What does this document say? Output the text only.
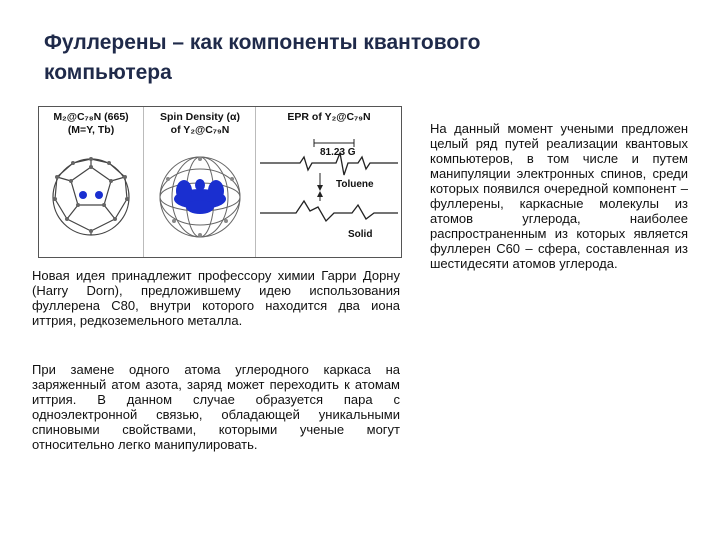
Фуллерены – как компоненты квантового компьютера
M₂@C₇₈N (665)
(M=Y, Tb)
Spin Density (α)
of Y₂@C₇₉N
EPR of Y₂@C₇₉N
81.23 G
Toluene
Solid
Новая идея принадлежит профессору химии Гарри Дорну (Harry Dorn), предложившему идею использования фуллерена С80, внутри которого находится два иона иттрия, редкоземельного металла.
При замене одного атома углеродного каркаса на заряженный атом азота, заряд может переходить к атомам иттрия. В данном случае образуется пара с одноэлектронной связью, обладающей уникальными спиновыми свойствами, которыми ученые могут относительно легко манипулировать.
На данный момент учеными предложен целый ряд путей реализации квантовых компьютеров, в том числе и путем манипуляции электронных спинов, среди которых появился очередной компонент – фуллерены, каркасные молекулы из атомов углерода, наиболее распространенным из которых является фуллерен С60 – сфера, составленная из шестидесяти атомов углерода.
